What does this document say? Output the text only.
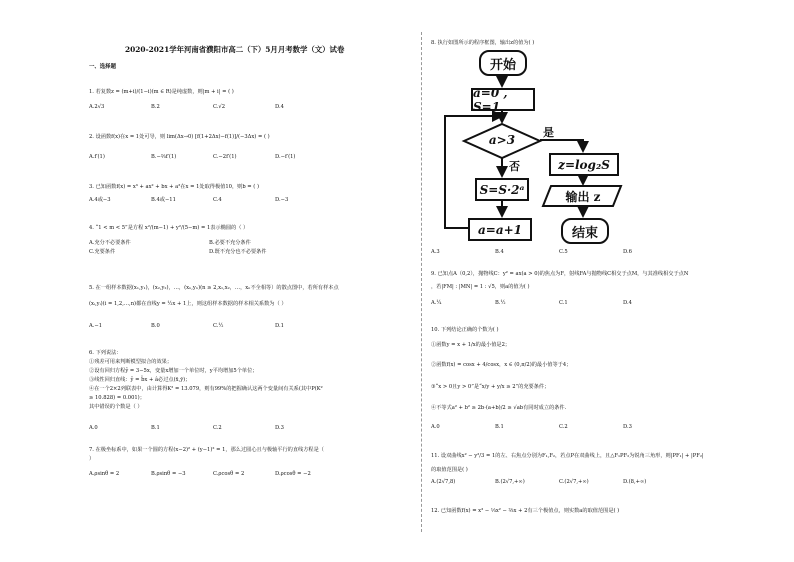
2020-2021学年河南省濮阳市高二（下）5月月考数学（文）试卷
一、选择题
1. 若复数z = (m+i)/(1−i)(m ∈ R)是纯虚数，则|m + i| = ( )
A.2√3	B.2	C.√2	D.4
2. 设函数f(x)在x = 1处可导，则 lim(Δx→0) [f(1+2Δx)−f(1)]/(−3Δx) = ( )
A.f′(1)	B.−⅔f′(1)	C.−2f′(1)	D.−f′(1)
3. 已知函数f(x) = x³ + ax² + bx + a²在x = 1处取得极值10，则b = ( )
A.4或−3	B.4或−11	C.4	D.−3
4. “1 < m < 5”是方程 x²/(m−1) + y²/(5−m) = 1表示椭圆的（ ）
A.充分不必要条件	B.必要不充分条件
C.充要条件	D.既不充分也不必要条件
5. 在一组样本数据(x₁,y₁)，(x₂,y₂)，…，(xₙ,yₙ)(n ≥ 2,x₁,x₂，…，xₙ不全相等）的散点图中，若所有样本点
(xᵢ,yᵢ)(i = 1,2,…,n)都在直线y = ½x + 1上，则这组样本数据的样本相关系数为（ ）
A.−1	B.0	C.½	D.1
6. 下列说法：
①残差可用来判断模型拟合的效果；
②设有回归方程ŷ = 3−5x，变量x增加一个单位时，y平均增加5个单位；
③线性回归直线：ŷ = b̂x + â必过点(x̄,ȳ)；
④在一个2×2列联表中，由计算得K² = 13.079，则有99%的把握确认这两个变量间有关系(其中P(K²
≥ 10.828) = 0.001)；
其中错误的个数是（ ）
A.0	B.1	C.2	D.3
7. 在极坐标系中，如果一个圆的方程(x−2)² + (y−1)² = 1，那么过圆心且与极轴平行的直线方程是（
）
A.ρsinθ = 2	B.ρsinθ = −3	C.ρcosθ = 2	D.ρcosθ = −2
8. 执行如图所示的程序框图，输出z的值为( )
开始
a=0 , S=1
a>3
是
否
S=S·2ᵃ
a=a+1
z=log₂S
输出 z
结束
A.3	B.4	C.5	D.6
9. 已知点A（0,2），抛物线C：y² = ax(a > 0)的焦点为F，射线FA与抛物线C相交于点M，与其准线相交于点N
，若|FM| : |MN| = 1 : √5，则a的值为( )
A.¼	B.½	C.1	D.4
10. 下列结论正确的个数为( )
①函数y = x + 1/x的最小值是2；
②函数f(x) = cosx + 4/cosx，x ∈ (0,π/2)的最小值等于4；
③“x > 0且y > 0”是“x/y + y/x ≥ 2”的充要条件；
④不等式a² + b² ≥ 2b·(a+b)/2 ≥ √ab有同时成立的条件.
A.0	B.1	C.2	D.3
11. 设双曲线x² − y²/3 = 1的左、右焦点分别为F₁,F₂，若点P在双曲线上，且△F₁PF₂为锐角三角形，则|PF₁| + |PF₂|
的取值范围是( )
A.(2√7,8)	B.(2√7,+∞)	C.(2√7,+∞)	D.(8,+∞)
12. 已知函数f(x) = x³ − ⅓x² − ⅔x + 2有三个极值点，则实数a的取值范围是( )
